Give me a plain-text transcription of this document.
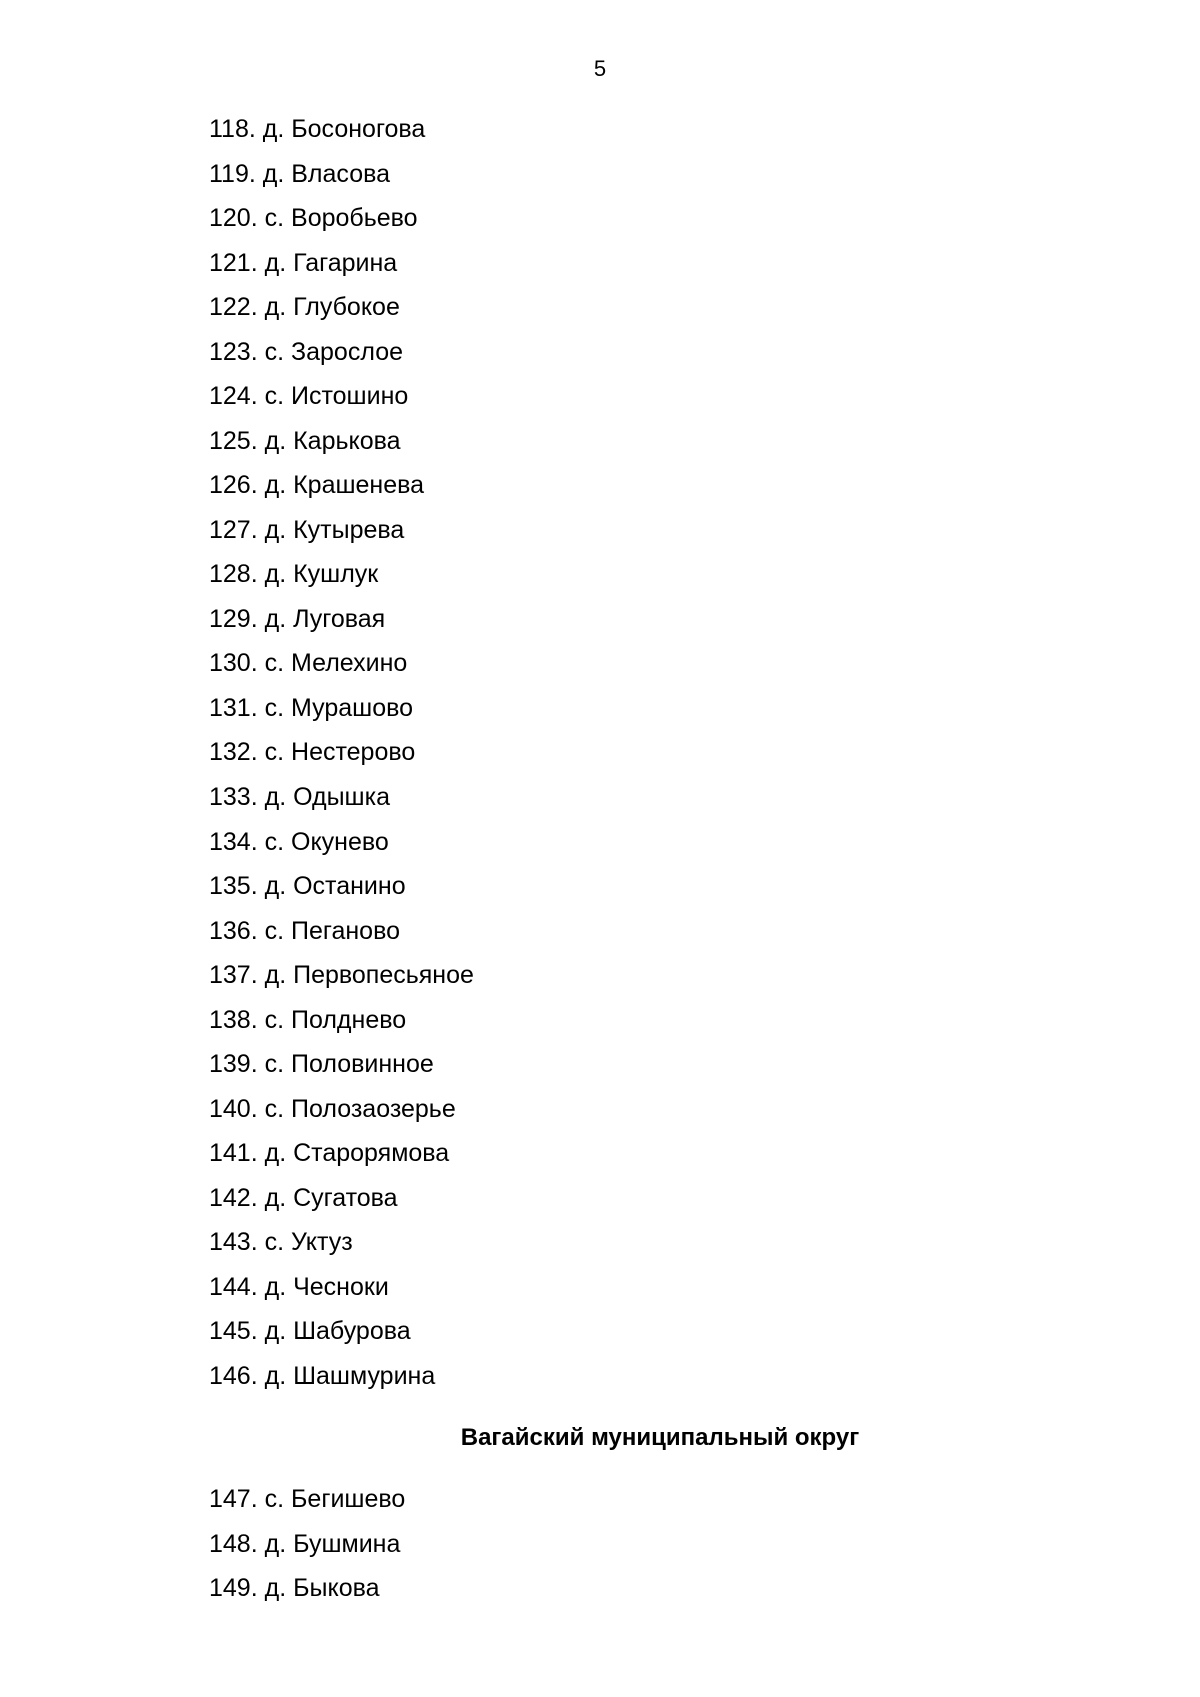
5
118. д. Босоногова
119. д. Власова
120. с. Воробьево
121. д. Гагарина
122. д. Глубокое
123. с. Зарослое
124. с. Истошино
125. д. Карькова
126. д. Крашенева
127. д. Кутырева
128. д. Кушлук
129. д. Луговая
130. с. Мелехино
131. с. Мурашово
132. с. Нестерово
133. д. Одышка
134. с. Окунево
135. д. Останино
136. с. Пеганово
137. д. Первопесьяное
138. с. Полднево
139. с. Половинное
140. с. Полозаозерье
141. д. Старорямова
142. д. Сугатова
143. с. Уктуз
144. д. Чесноки
145. д. Шабурова
146. д. Шашмурина
Вагайский муниципальный округ
147. с. Бегишево
148. д. Бушмина
149. д. Быкова
